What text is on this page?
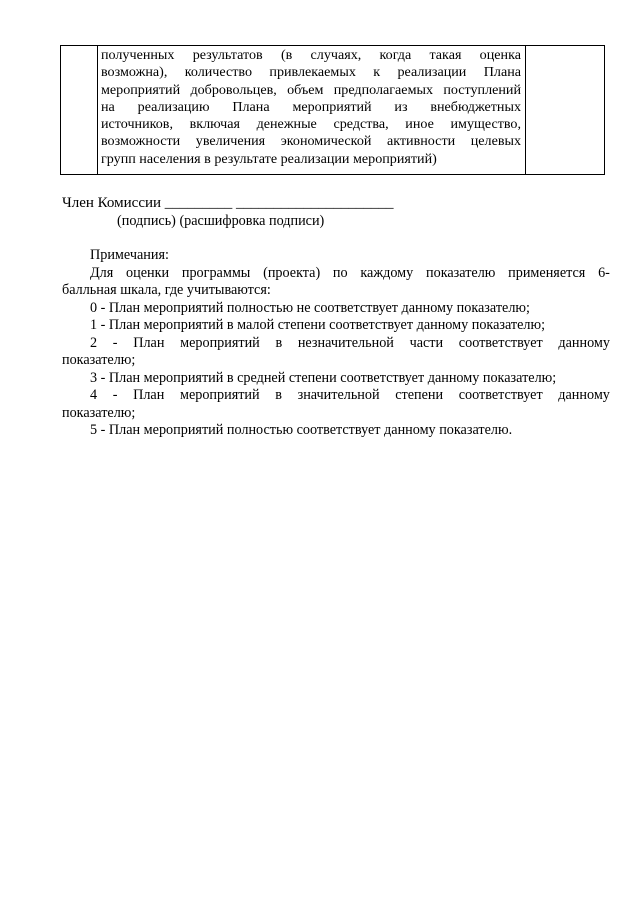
полученных результатов (в случаях, когда такая оценка
возможна), количество привлекаемых к реализации Плана
мероприятий добровольцев, объем предполагаемых поступлений
на реализацию Плана мероприятий из внебюджетных
источников, включая денежные средства, иное имущество,
возможности увеличения экономической активности целевых
групп населения в результате реализации мероприятий)

Член Комиссии _________ _____________________
(подпись) (расшифровка подписи)
Примечания:
Для оценки программы (проекта) по каждому показателю применяется 6-
балльная шкала, где учитываются:
0 - План мероприятий полностью не соответствует данному показателю;
1 - План мероприятий в малой степени соответствует данному показателю;
2 - План мероприятий в незначительной части соответствует данному
показателю;
3 - План мероприятий в средней степени соответствует данному показателю;
4 - План мероприятий в значительной степени соответствует данному
показателю;
5 - План мероприятий полностью соответствует данному показателю.
